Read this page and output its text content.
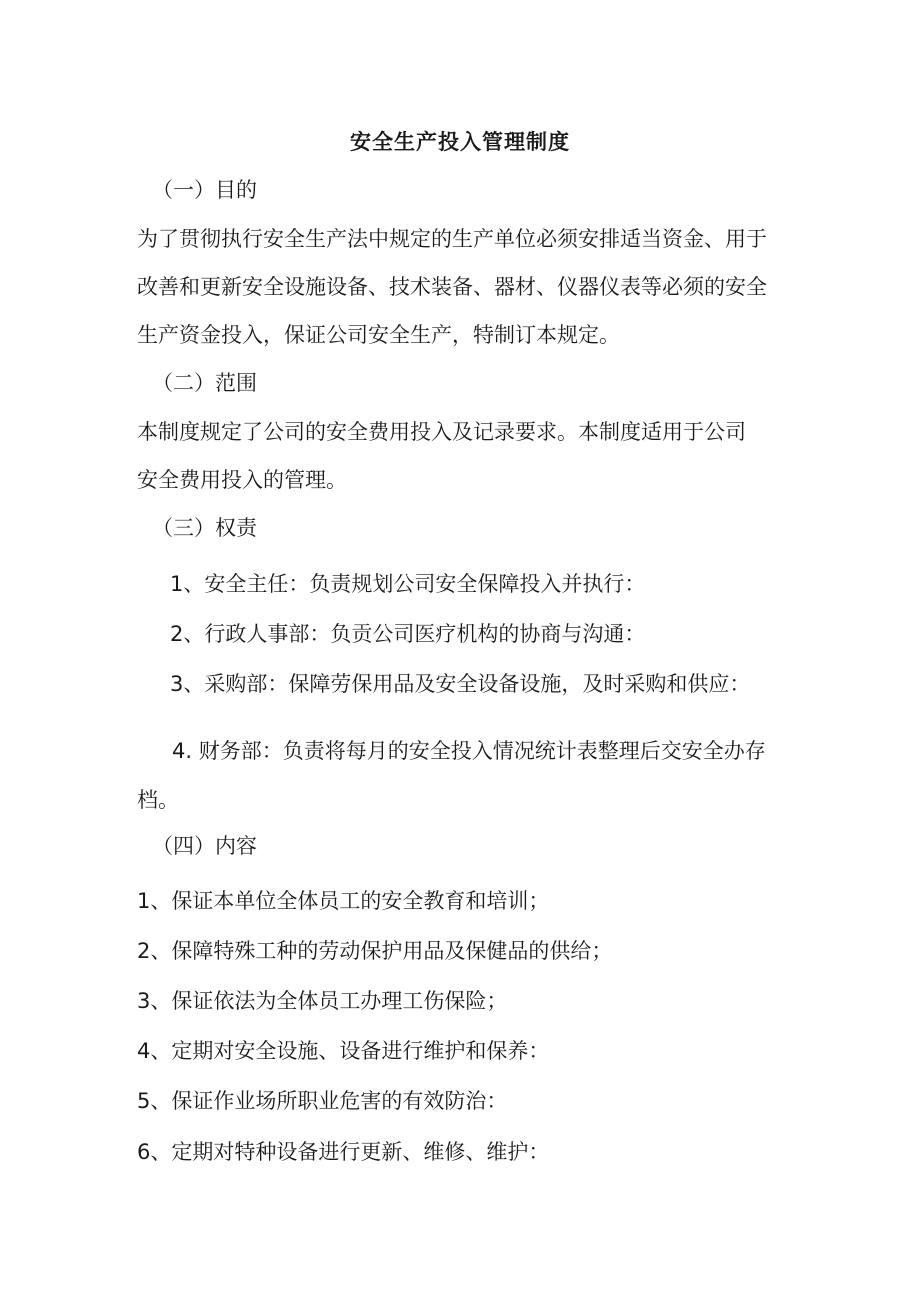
安全生产投入管理制度
（一）目的
为了贯彻执行安全生产法中规定的生产单位必须安排适当资金、用于
改善和更新安全设施设备、技术装备、器材、仪器仪表等必须的安全
生产资金投入，保证公司安全生产，特制订本规定。
（二）范围
本制度规定了公司的安全费用投入及记录要求。本制度适用于公司
安全费用投入的管理。
（三）权责
1、安全主任：负责规划公司安全保障投入并执行：
2、行政人事部：负贡公司医疗机构的协商与沟通：
3、采购部：保障劳保用品及安全设备设施，及时采购和供应：
4. 财务部：负责将每月的安全投入情况统计表整理后交安全办存
档。
（四）内容
1、保证本单位全体员工的安全教育和培训；
2、保障特殊工种的劳动保护用品及保健品的供给；
3、保证依法为全体员工办理工伤保险；
4、定期对安全设施、设备进行维护和保养：
5、保证作业场所职业危害的有效防治：
6、定期对特种设备进行更新、维修、维护：
